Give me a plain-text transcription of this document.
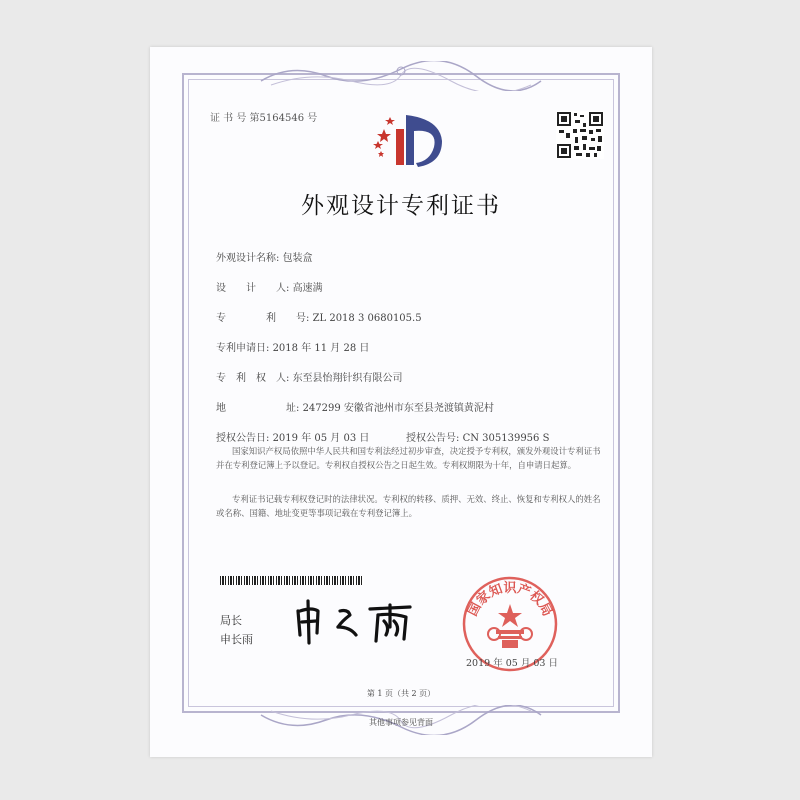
证 书 号 第5164546 号
外观设计专利证书
外观设计名称: 包装盒
设　　计　　人: 高速满
专　　　　利　　号: ZL 2018 3 0680105.5
专利申请日: 2018 年 11 月 28 日
专　利　权　人: 东至县怡翔针织有限公司
地　　　　　　址: 247299 安徽省池州市东至县尧渡镇黄泥村
授权公告日: 2019 年 05 月 03 日	授权公告号: CN 305139956 S
国家知识产权局依照中华人民共和国专利法经过初步审查，决定授予专利权，颁发外观设计专利证书并在专利登记簿上予以登记。专利权自授权公告之日起生效。专利权期限为十年，自申请日起算。
专利证书记载专利权登记时的法律状况。专利权的转移、质押、无效、终止、恢复和专利权人的姓名或名称、国籍、地址变更等事项记载在专利登记簿上。
局长
申长雨
国家知识产权局
2019 年 05 月 03 日
第 1 页（共 2 页）
其他事项参见背面
